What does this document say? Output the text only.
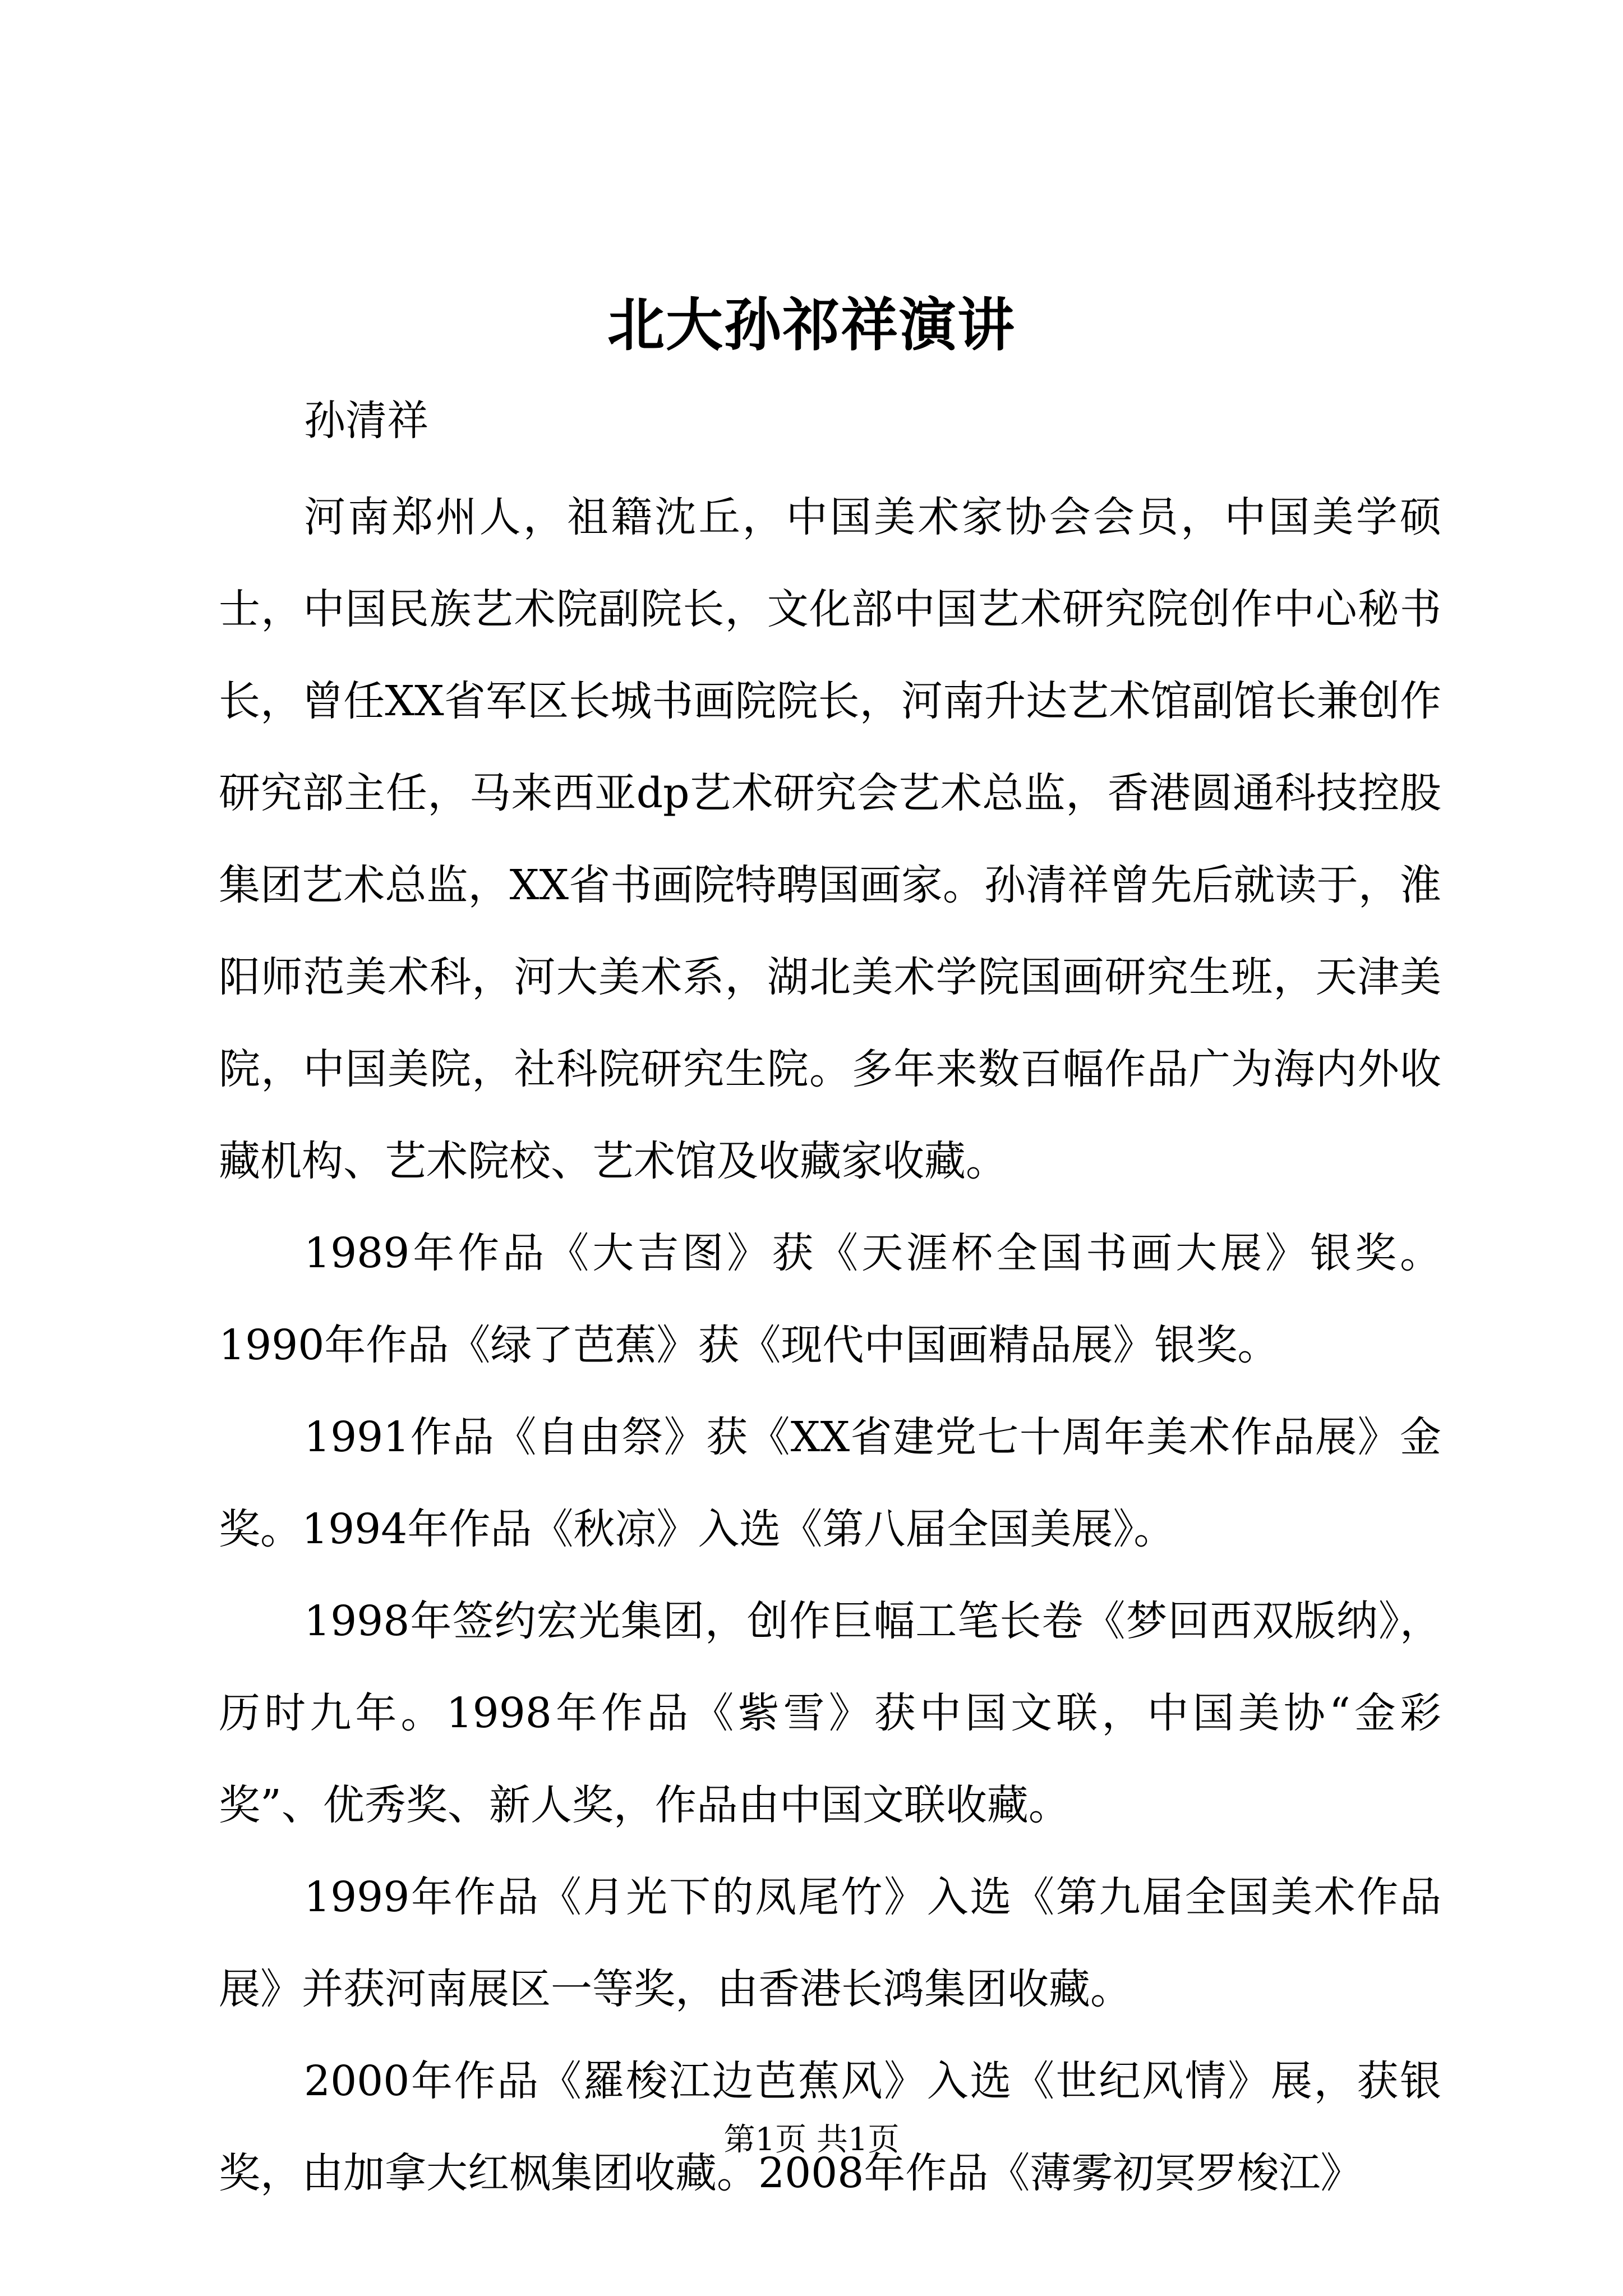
北大孙祁祥演讲
孙清祥

河南郑州人，祖籍沈丘，中国美术家协会会员，中国美学硕士，中国民族艺术院副院长，文化部中国艺术研究院创作中心秘书长，曾任XX省军区长城书画院院长，河南升达艺术馆副馆长兼创作研究部主任，马来西亚dp艺术研究会艺术总监，香港圆通科技控股集团艺术总监，XX省书画院特聘国画家。孙清祥曾先后就读于，淮阳师范美术科，河大美术系，湖北美术学院国画研究生班，天津美院，中国美院，社科院研究生院。多年来数百幅作品广为海内外收藏机构、艺术院校、艺术馆及收藏家收藏。

1989年作品《大吉图》获《天涯杯全国书画大展》银奖。1990年作品《绿了芭蕉》获《现代中国画精品展》银奖。

1991作品《自由祭》获《XX省建党七十周年美术作品展》金奖。1994年作品《秋凉》入选《第八届全国美展》。

1998年签约宏光集团，创作巨幅工笔长卷《梦回西双版纳》，历时九年。1998年作品《紫雪》获中国文联，中国美协“金彩奖”、优秀奖、新人奖，作品由中国文联收藏。

1999年作品《月光下的凤尾竹》入选《第九届全国美术作品展》并获河南展区一等奖，由香港长鸿集团收藏。

2000年作品《羅梭江边芭蕉风》入选《世纪风情》展，获银奖，由加拿大红枫集团收藏。2008年作品《薄雾初冥罗梭江》

第1页 共1页
